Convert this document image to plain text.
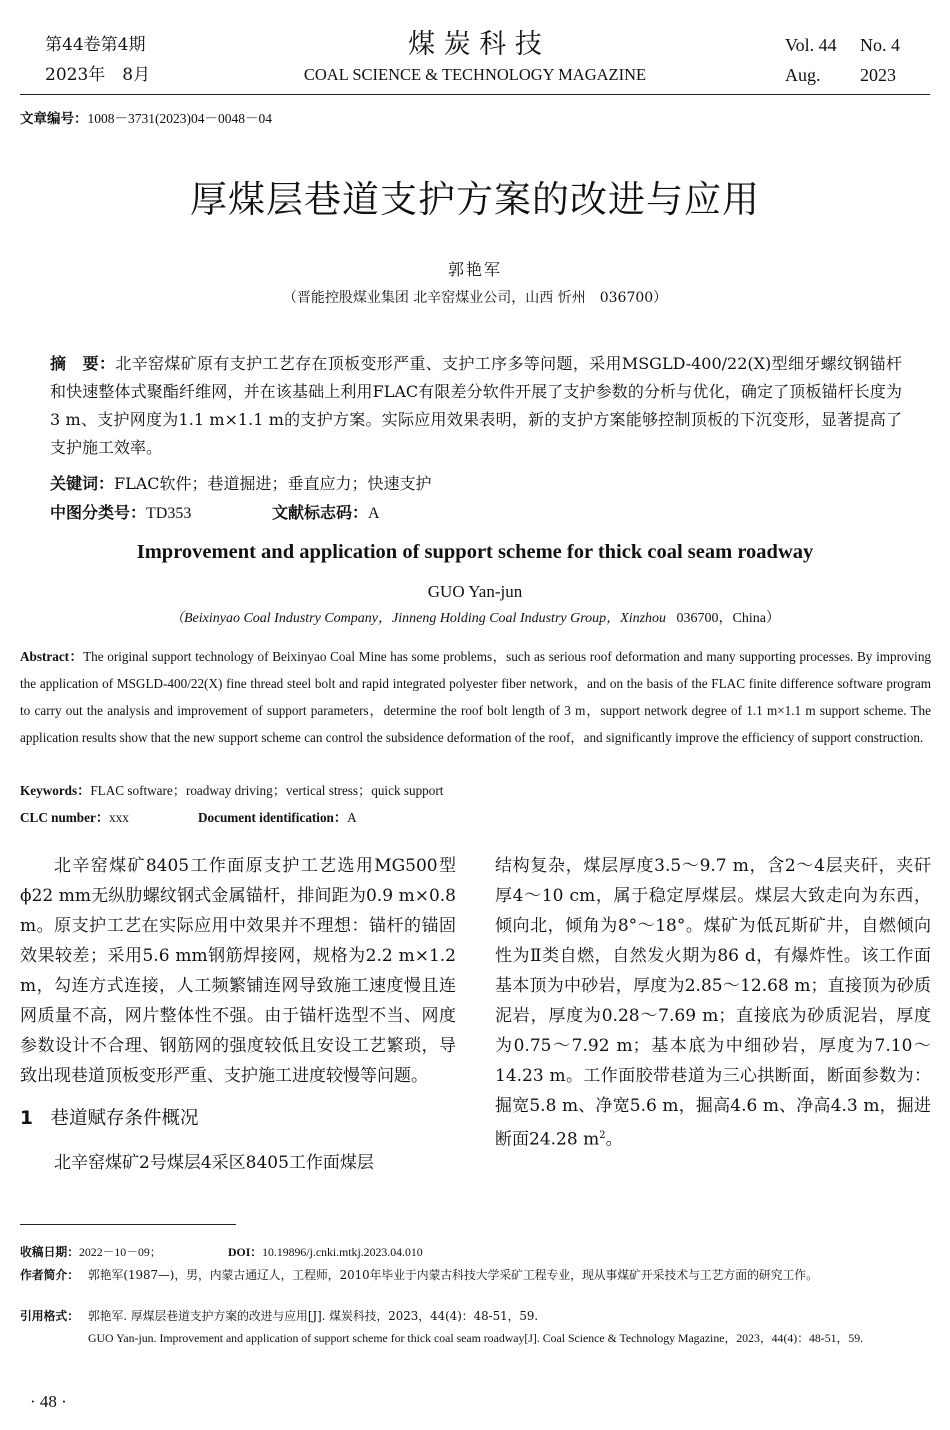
第44卷第4期
2023年　8月
煤 炭 科 技
COAL SCIENCE & TECHNOLOGY MAGAZINE
Vol. 44 No. 4
Aug. 2023
文章编号：1008－3731(2023)04－0048－04
厚煤层巷道支护方案的改进与应用
郭艳军
（晋能控股煤业集团 北辛窑煤业公司，山西 忻州　036700）
摘　要：北辛窑煤矿原有支护工艺存在顶板变形严重、支护工序多等问题，采用MSGLD-400/22(X)型细牙螺纹钢锚杆和快速整体式聚酯纤维网，并在该基础上利用FLAC有限差分软件开展了支护参数的分析与优化，确定了顶板锚杆长度为3 m、支护网度为1.1 m×1.1 m的支护方案。实际应用效果表明，新的支护方案能够控制顶板的下沉变形，显著提高了支护施工效率。
关键词：FLAC软件；巷道掘进；垂直应力；快速支护
中图分类号：TD353	文献标志码：A
Improvement and application of support scheme for thick coal seam roadway
GUO Yan-jun
（Beixinyao Coal Industry Company，Jinneng Holding Coal Industry Group，Xinzhou 036700，China）
Abstract：The original support technology of Beixinyao Coal Mine has some problems，such as serious roof deformation and many supporting processes. By improving the application of MSGLD-400/22(X) fine thread steel bolt and rapid integrated polyester fiber network，and on the basis of the FLAC finite difference software program to carry out the analysis and improvement of support parameters，determine the roof bolt length of 3 m，support network degree of 1.1 m×1.1 m support scheme. The application results show that the new support scheme can control the subsidence deformation of the roof，and significantly improve the efficiency of support construction.
Keywords：FLAC software；roadway driving；vertical stress；quick support
CLC number：xxx	Document identification：A
北辛窑煤矿8405工作面原支护工艺选用MG500型ϕ22 mm无纵肋螺纹钢式金属锚杆，排间距为0.9 m×0.8 m。原支护工艺在实际应用中效果并不理想：锚杆的锚固效果较差；采用5.6 mm钢筋焊接网，规格为2.2 m×1.2 m，勾连方式连接，人工频繁铺连网导致施工速度慢且连网质量不高，网片整体性不强。由于锚杆选型不当、网度参数设计不合理、钢筋网的强度较低且安设工艺繁琐，导致出现巷道顶板变形严重、支护施工进度较慢等问题。
1 巷道赋存条件概况
北辛窑煤矿2号煤层4采区8405工作面煤层
结构复杂，煤层厚度3.5～9.7 m，含2～4层夹矸，夹矸厚4～10 cm，属于稳定厚煤层。煤层大致走向为东西，倾向北，倾角为8°～18°。煤矿为低瓦斯矿井，自燃倾向性为Ⅱ类自燃，自然发火期为86 d，有爆炸性。该工作面基本顶为中砂岩，厚度为2.85～12.68 m；直接顶为砂质泥岩，厚度为0.28～7.69 m；直接底为砂质泥岩，厚度为0.75～7.92 m；基本底为中细砂岩，厚度为7.10～14.23 m。工作面胶带巷道为三心拱断面，断面参数为：掘宽5.8 m、净宽5.6 m，掘高4.6 m、净高4.3 m，掘进断面24.28 $m^2$。
收稿日期：2022－10－09；	DOI：10.19896/j.cnki.mtkj.2023.04.010
作者简介： 郭艳军(1987—)，男，内蒙古通辽人，工程师，2010年毕业于内蒙古科技大学采矿工程专业，现从事煤矿开采技术与工艺方面的研究工作。
引用格式： 郭艳军. 厚煤层巷道支护方案的改进与应用[J]. 煤炭科技，2023，44(4)：48-51，59.
GUO Yan-jun. Improvement and application of support scheme for thick coal seam roadway[J]. Coal Science & Technology Magazine，2023，44(4)：48-51，59.
· 48 ·
